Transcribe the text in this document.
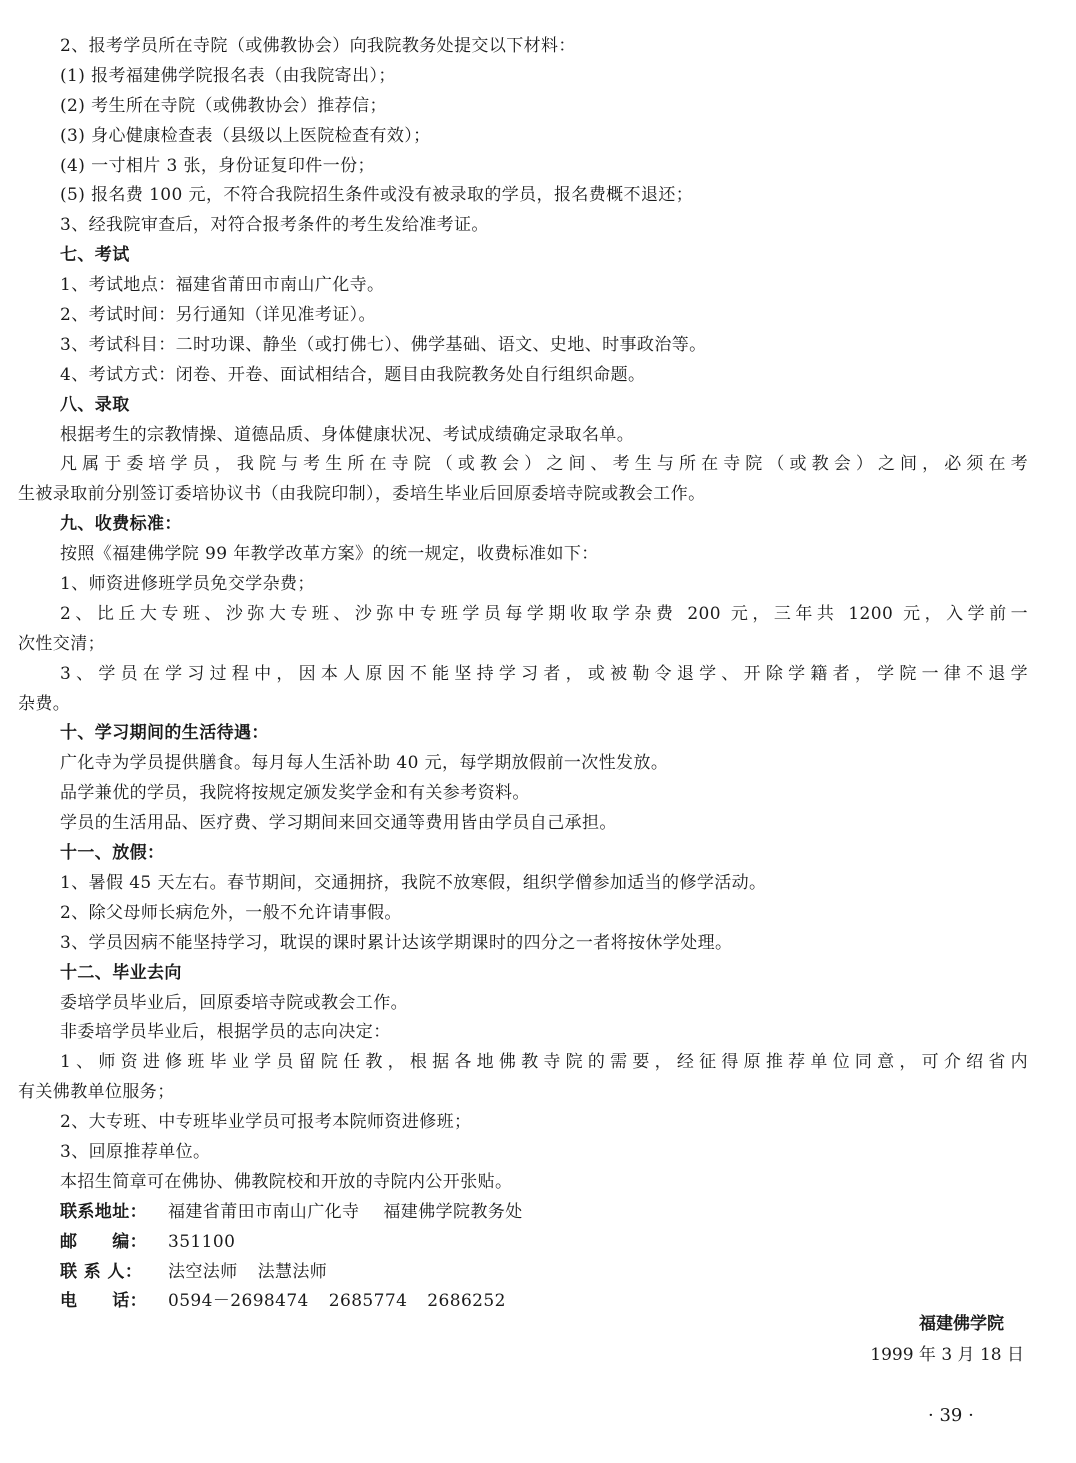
2、报考学员所在寺院（或佛教协会）向我院教务处提交以下材料：
(1) 报考福建佛学院报名表（由我院寄出）；
(2) 考生所在寺院（或佛教协会）推荐信；
(3) 身心健康检查表（县级以上医院检查有效）；
(4) 一寸相片 3 张，身份证复印件一份；
(5) 报名费 100 元，不符合我院招生条件或没有被录取的学员，报名费概不退还；
3、经我院审查后，对符合报考条件的考生发给准考证。
七、考试
1、考试地点：福建省莆田市南山广化寺。
2、考试时间：另行通知（详见准考证）。
3、考试科目：二时功课、静坐（或打佛七）、佛学基础、语文、史地、时事政治等。
4、考试方式：闭卷、开卷、面试相结合，题目由我院教务处自行组织命题。
八、录取
根据考生的宗教情操、道德品质、身体健康状况、考试成绩确定录取名单。
凡属于委培学员，我院与考生所在寺院（或教会）之间、考生与所在寺院（或教会）之间，必须在考
生被录取前分别签订委培协议书（由我院印制），委培生毕业后回原委培寺院或教会工作。
九、收费标准：
按照《福建佛学院 99 年教学改革方案》的统一规定，收费标准如下：
1、师资进修班学员免交学杂费；
2、比丘大专班、沙弥大专班、沙弥中专班学员每学期收取学杂费 200 元，三年共 1200 元，入学前一
次性交清；
3、学员在学习过程中，因本人原因不能坚持学习者，或被勒令退学、开除学籍者，学院一律不退学
杂费。
十、学习期间的生活待遇：
广化寺为学员提供膳食。每月每人生活补助 40 元，每学期放假前一次性发放。
品学兼优的学员，我院将按规定颁发奖学金和有关参考资料。
学员的生活用品、医疗费、学习期间来回交通等费用皆由学员自己承担。
十一、放假：
1、暑假 45 天左右。春节期间，交通拥挤，我院不放寒假，组织学僧参加适当的修学活动。
2、除父母师长病危外，一般不允许请事假。
3、学员因病不能坚持学习，耽误的课时累计达该学期课时的四分之一者将按休学处理。
十二、毕业去向
委培学员毕业后，回原委培寺院或教会工作。
非委培学员毕业后，根据学员的志向决定：
1、师资进修班毕业学员留院任教，根据各地佛教寺院的需要，经征得原推荐单位同意，可介绍省内
有关佛教单位服务；
2、大专班、中专班毕业学员可报考本院师资进修班；
3、回原推荐单位。
本招生简章可在佛协、佛教院校和开放的寺院内公开张贴。
联系地址： 福建省莆田市南山广化寺 福建佛学院教务处
邮　　编： 351100
联 系 人： 法空法师 法慧法师
电　　话： 0594－2698474 2685774 2686252
福建佛学院
1999 年 3 月 18 日
· 39 ·
